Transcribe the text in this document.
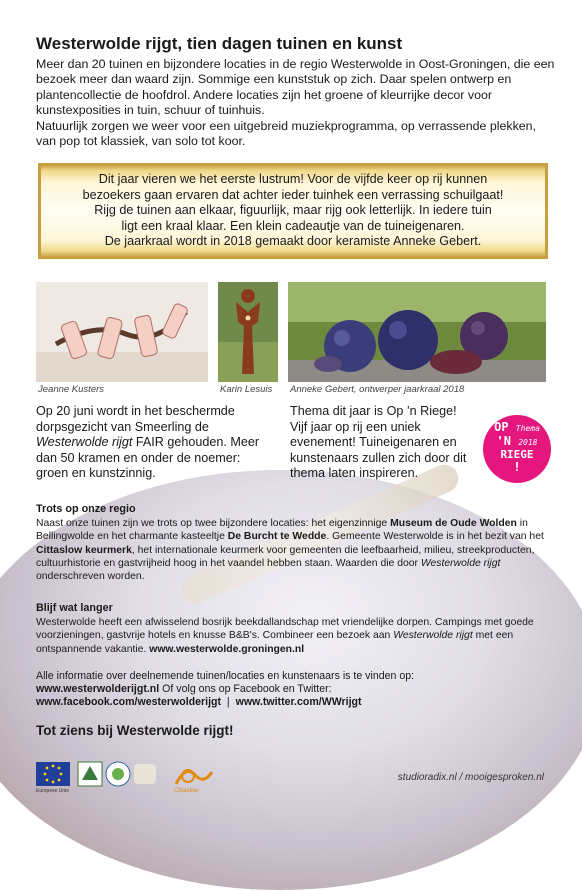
Westerwolde rijgt, tien dagen tuinen en kunst

Meer dan 20 tuinen en bijzondere locaties in de regio Westerwolde in Oost-Groningen, die een bezoek meer dan waard zijn. Sommige een kunststuk op zich. Daar spelen ontwerp en plantencollectie de hoofdrol. Andere locaties zijn het groene of kleurrijke decor voor kunstexposities in tuin, schuur of tuinhuis.

Natuurlijk zorgen we weer voor een uitgebreid muziekprogramma, op verrassende plekken, van pop tot klassiek, van solo tot koor.

Dit jaar vieren we het eerste lustrum! Voor de vijfde keer op rij kunnen
bezoekers gaan ervaren dat achter ieder tuinhek een verrassing schuilgaat!
Rijg de tuinen aan elkaar, figuurlijk, maar rijg ook letterlijk. In iedere tuin
ligt een kraal klaar. Een klein cadeautje van de tuineigenaren.
De jaarkraal wordt in 2018 gemaakt door keramiste Anneke Gebert.
Jeanne Kusters	Karin Lesuis Anneke Gebert, ontwerper jaarkraal 2018

Op 20 juni wordt in het beschermde dorpsgezicht van Smeerling de Westerwolde rijgt FAIR gehouden. Meer dan 50 kramen en onder de noemer: groen en kunstzinnig.

Thema dit jaar is Op ’n Riege! Vijf jaar op rij een uniek evenement! Tuineigenaren en kunstenaars zullen zich door dit thema laten inspireren.

OP Thema
'N 2018
RIEGE
!
Trots op onze regio

Naast onze tuinen zijn we trots op twee bijzondere locaties: het eigenzinnige Museum de Oude Wolden in Bellingwolde en het charmante kasteeltje De Burcht te Wedde. Gemeente Westerwolde is in het bezit van het Cittaslow keurmerk, het internationale keurmerk voor gemeenten die leefbaarheid, milieu, streekproducten, cultuurhistorie en gastvrijheid hoog in het vaandel hebben staan. Waarden die door Westerwolde rijgt onderschreven worden.

Blijf wat langer

Westerwolde heeft een afwisselend bosrijk beekdallandschap met vriendelijke dorpen. Campings met goede voorzieningen, gastvrije hotels en knusse B&B's. Combineer een bezoek aan Westerwolde rijgt met een ontspannende vakantie. www.westerwolde.groningen.nl

Alle informatie over deelnemende tuinen/locaties en kunstenaars is te vinden op:
www.westerwolderijgt.nl Of volg ons op Facebook en Twitter:
www.facebook.com/westerwolderijgt  |  www.twitter.com/WWrijgt

Tot ziens bij Westerwolde rijgt!
Europese Unie	Cittaslow
studioradix.nl / mooigesproken.nl
